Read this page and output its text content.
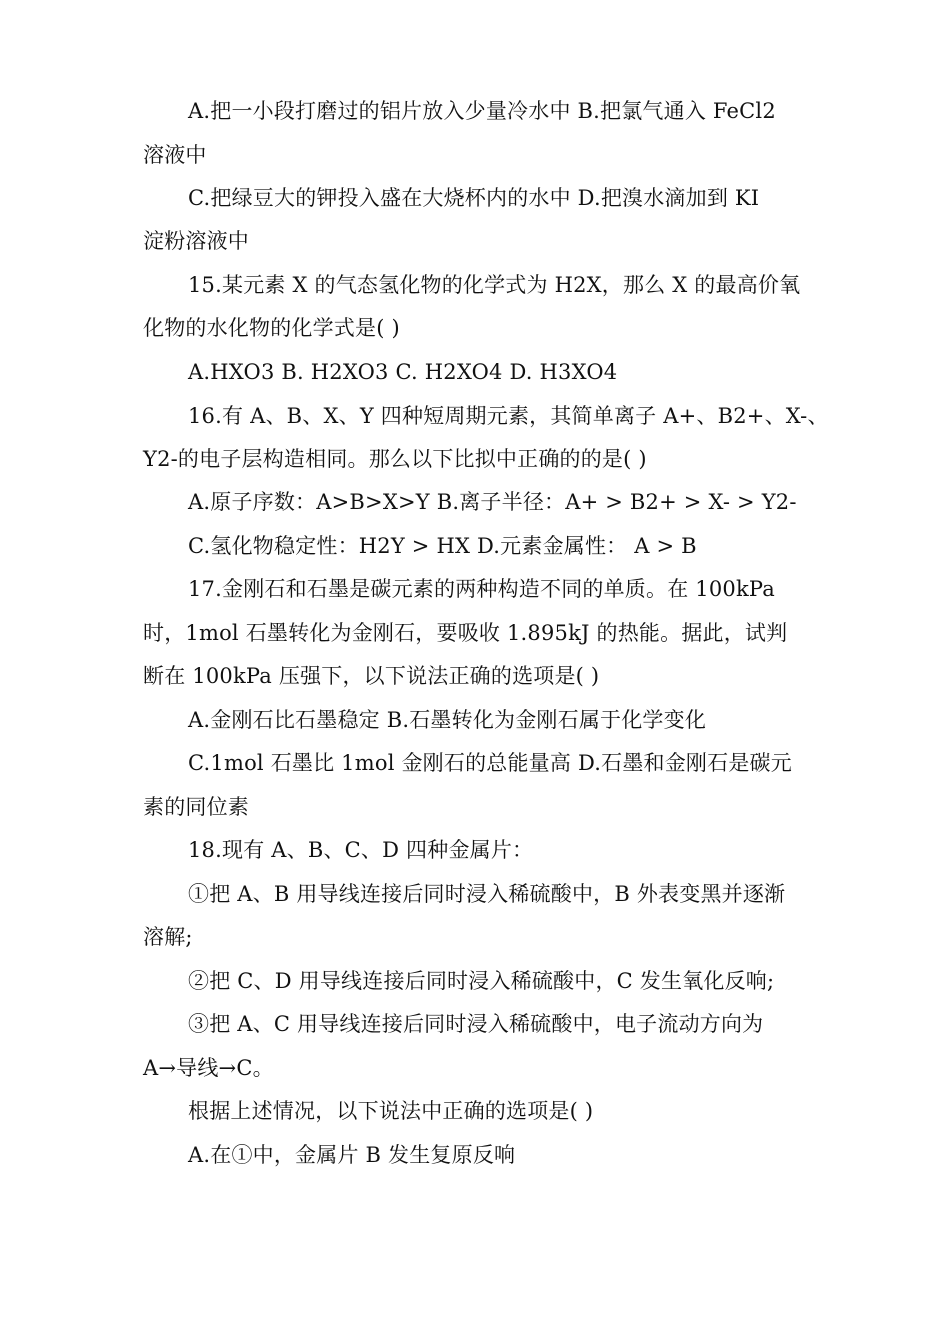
A.把一小段打磨过的铝片放入少量冷水中 B.把氯气通入 FeCl2
溶液中
C.把绿豆大的钾投入盛在大烧杯内的水中 D.把溴水滴加到 KI
淀粉溶液中
15.某元素 X 的气态氢化物的化学式为 H2X，那么 X 的最高价氧
化物的水化物的化学式是( )
A.HXO3 B. H2XO3 C. H2XO4 D. H3XO4
16.有 A、B、X、Y 四种短周期元素，其简单离子 A+、B2+、X-、
Y2-的电子层构造相同。那么以下比拟中正确的的是( )
A.原子序数：A>B>X>Y B.离子半径：A+ > B2+ > X- > Y2-
C.氢化物稳定性：H2Y > HX D.元素金属性： A > B
17.金刚石和石墨是碳元素的两种构造不同的单质。在 100kPa
时，1mol 石墨转化为金刚石，要吸收 1.895kJ 的热能。据此，试判
断在 100kPa 压强下，以下说法正确的选项是( )
A.金刚石比石墨稳定 B.石墨转化为金刚石属于化学变化
C.1mol 石墨比 1mol 金刚石的总能量高 D.石墨和金刚石是碳元
素的同位素
18.现有 A、B、C、D 四种金属片：
①把 A、B 用导线连接后同时浸入稀硫酸中，B 外表变黑并逐渐
溶解;
②把 C、D 用导线连接后同时浸入稀硫酸中，C 发生氧化反响;
③把 A、C 用导线连接后同时浸入稀硫酸中，电子流动方向为
A→导线→C。
根据上述情况，以下说法中正确的选项是( )
A.在①中，金属片 B 发生复原反响
